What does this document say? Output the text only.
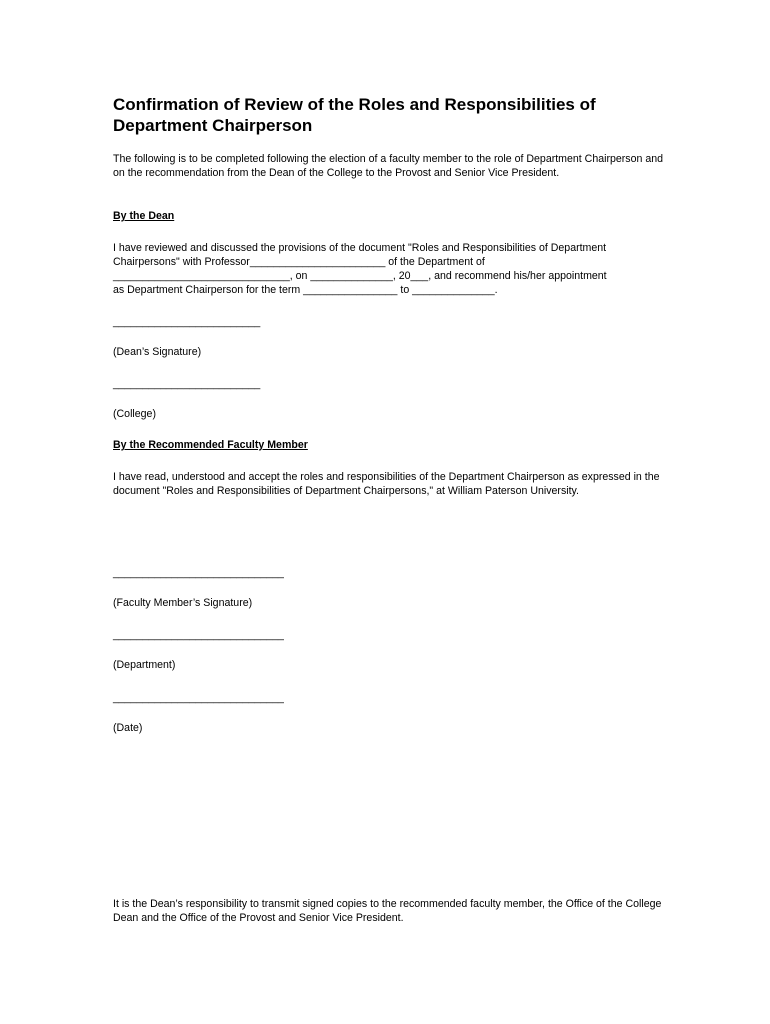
Confirmation of Review of the Roles and Responsibilities of
Department Chairperson

The following is to be completed following the election of a faculty member to the role of Department Chairperson and on the recommendation from the Dean of the College to the Provost and Senior Vice President.

By the Dean

I have reviewed and discussed the provisions of the document "Roles and Responsibilities of Department
Chairpersons" with Professor_______________________ of the Department of
______________________________, on ______________, 20___, and recommend his/her appointment
as Department Chairperson for the term ________________ to ______________.

_________________________

(Dean’s Signature)

_________________________

(College)

By the Recommended Faculty Member

I have read, understood and accept the roles and responsibilities of the Department Chairperson as expressed in the document "Roles and Responsibilities of Department Chairpersons," at William Paterson University.

_____________________________

(Faculty Member’s Signature)

_____________________________

(Department)

_____________________________

(Date)

It is the Dean’s responsibility to transmit signed copies to the recommended faculty member, the Office of the College Dean and the Office of the Provost and Senior Vice President.
